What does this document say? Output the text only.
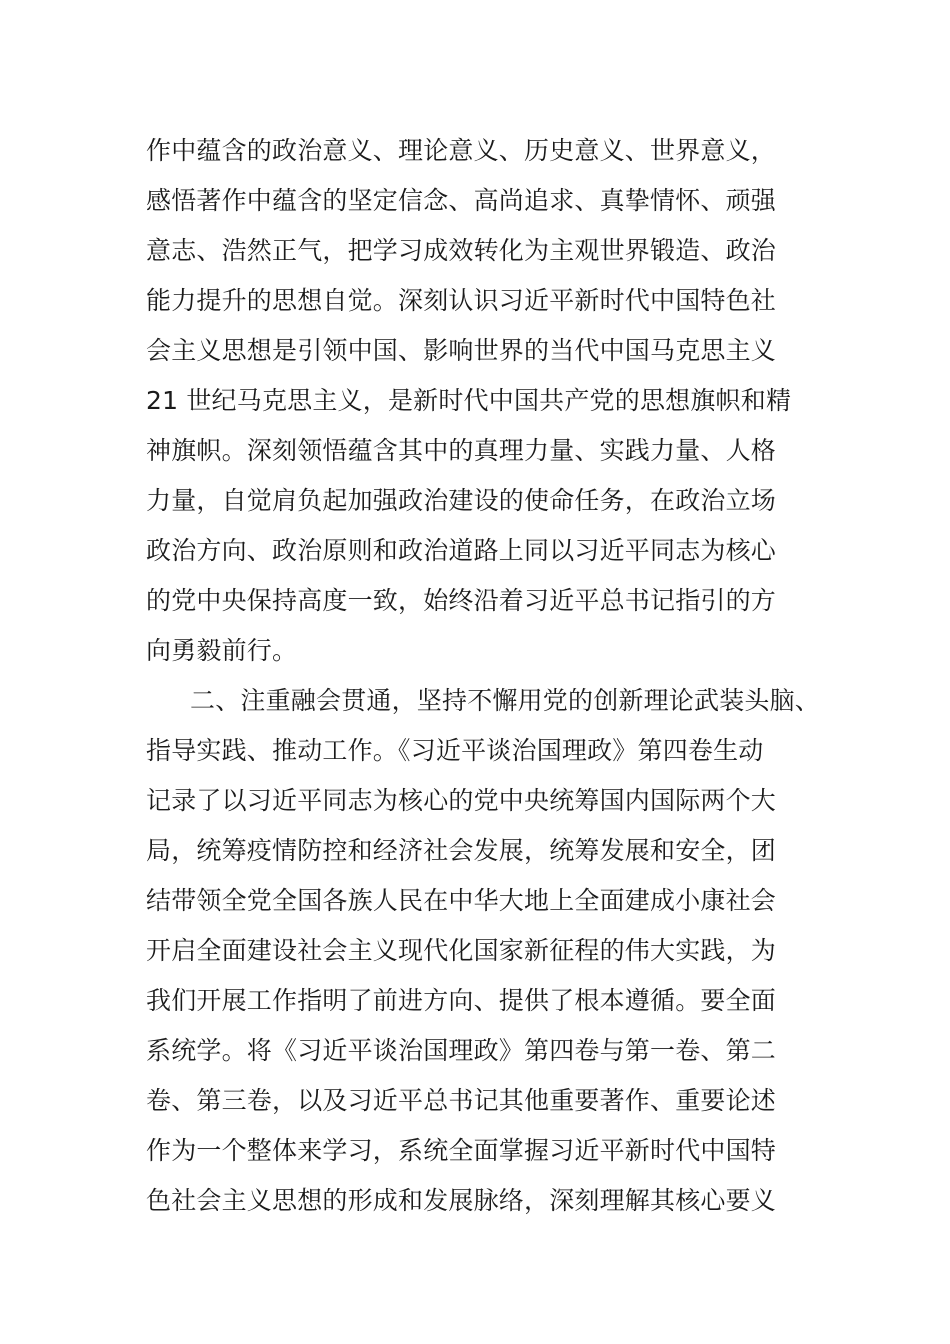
作中蕴含的政治意义、理论意义、历史意义、世界意义，
感悟著作中蕴含的坚定信念、高尚追求、真挚情怀、顽强
意志、浩然正气，把学习成效转化为主观世界锻造、政治
能力提升的思想自觉。深刻认识习近平新时代中国特色社
会主义思想是引领中国、影响世界的当代中国马克思主义
21 世纪马克思主义，是新时代中国共产党的思想旗帜和精
神旗帜。深刻领悟蕴含其中的真理力量、实践力量、人格
力量，自觉肩负起加强政治建设的使命任务，在政治立场
政治方向、政治原则和政治道路上同以习近平同志为核心
的党中央保持高度一致，始终沿着习近平总书记指引的方
向勇毅前行。
二、注重融会贯通，坚持不懈用党的创新理论武装头脑、
指导实践、推动工作。《习近平谈治国理政》第四卷生动
记录了以习近平同志为核心的党中央统筹国内国际两个大
局，统筹疫情防控和经济社会发展，统筹发展和安全，团
结带领全党全国各族人民在中华大地上全面建成小康社会
开启全面建设社会主义现代化国家新征程的伟大实践，为
我们开展工作指明了前进方向、提供了根本遵循。要全面
系统学。将《习近平谈治国理政》第四卷与第一卷、第二
卷、第三卷，以及习近平总书记其他重要著作、重要论述
作为一个整体来学习，系统全面掌握习近平新时代中国特
色社会主义思想的形成和发展脉络，深刻理解其核心要义
